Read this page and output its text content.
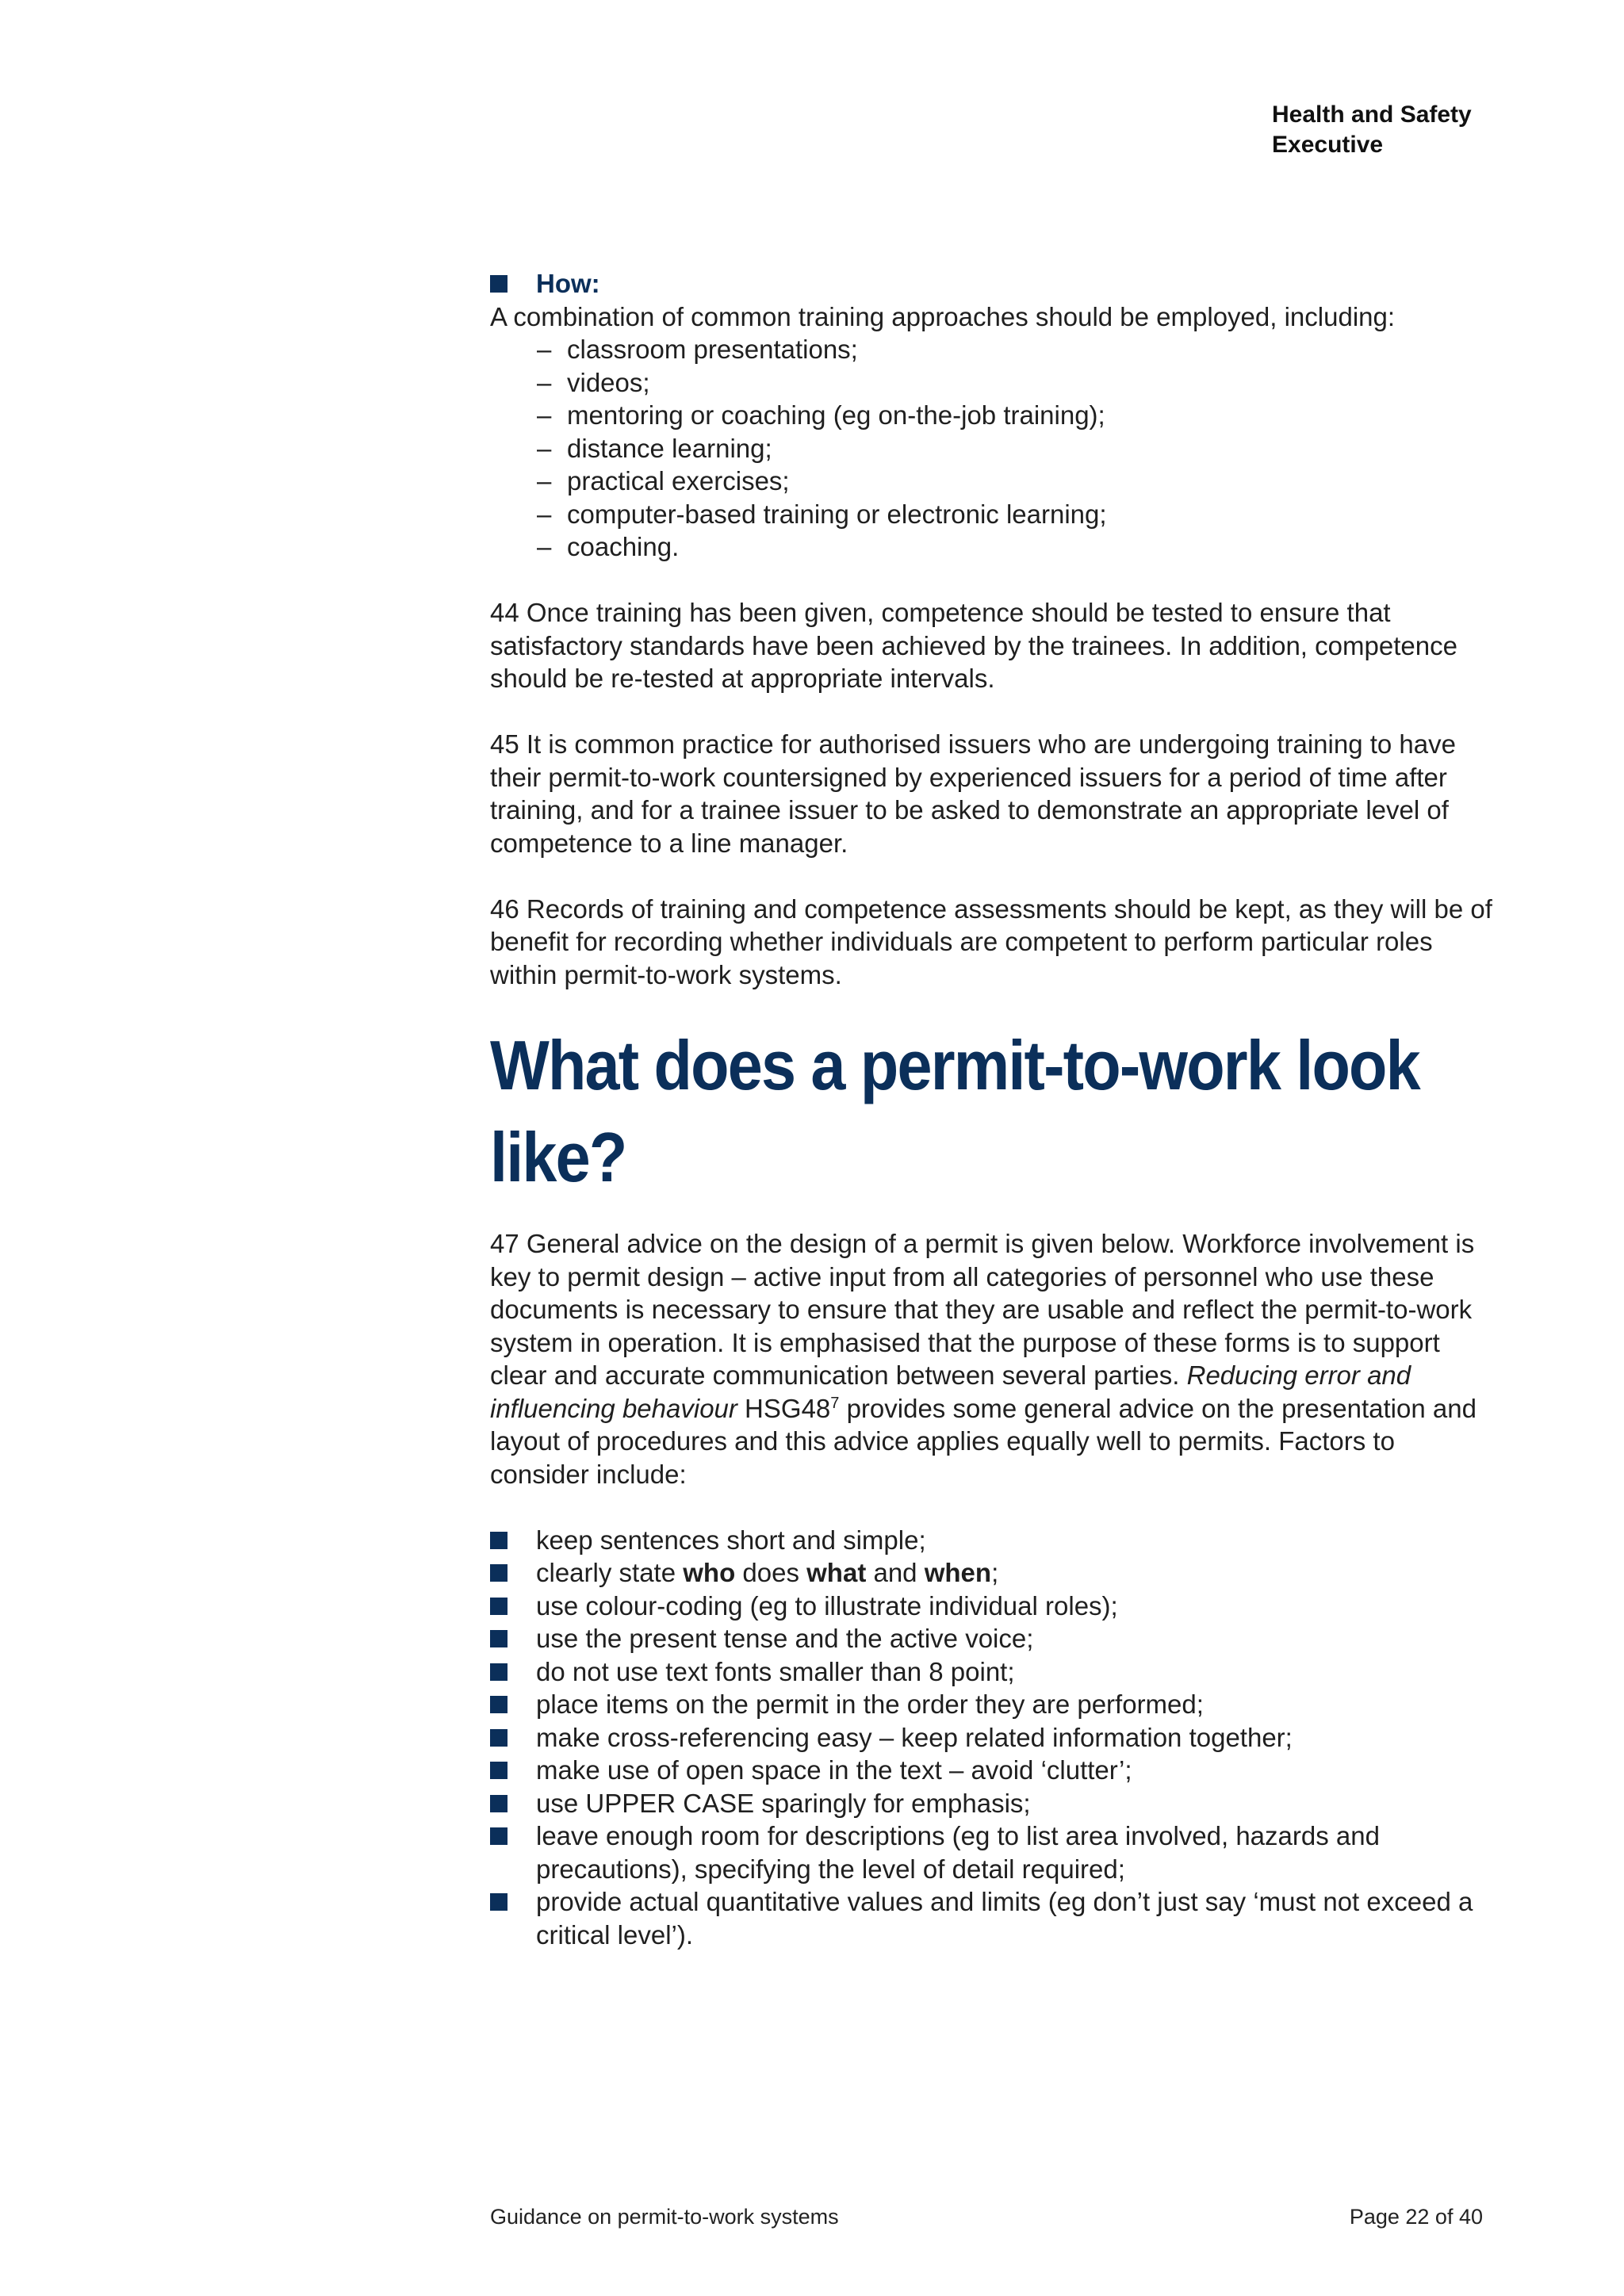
Health and Safety
Executive
How:

A combination of common training approaches should be employed, including:

– classroom presentations;
– videos;
– mentoring or coaching (eg on-the-job training);
– distance learning;
– practical exercises;
– computer-based training or electronic learning;
– coaching.

44 Once training has been given, competence should be tested to ensure that satisfactory standards have been achieved by the trainees. In addition, competence should be re-tested at appropriate intervals.

45 It is common practice for authorised issuers who are undergoing training to have their permit-to-work countersigned by experienced issuers for a period of time after training, and for a trainee issuer to be asked to demonstrate an appropriate level of competence to a line manager.

46 Records of training and competence assessments should be kept, as they will be of benefit for recording whether individuals are competent to perform particular roles within permit-to-work systems.

What does a permit-to-work look like?

47 General advice on the design of a permit is given below. Workforce involvement is key to permit design – active input from all categories of personnel who use these documents is necessary to ensure that they are usable and reflect the permit-to-work system in operation. It is emphasised that the purpose of these forms is to support clear and accurate communication between several parties. Reducing error and influencing behaviour $HSG48^7$ provides some general advice on the presentation and layout of procedures and this advice applies equally well to permits. Factors to consider include:

keep sentences short and simple;
clearly state who does what and when;
use colour-coding (eg to illustrate individual roles);
use the present tense and the active voice;
do not use text fonts smaller than 8 point;
place items on the permit in the order they are performed;
make cross-referencing easy – keep related information together;
make use of open space in the text – avoid ‘clutter’;
use UPPER CASE sparingly for emphasis;
leave enough room for descriptions (eg to list area involved, hazards and precautions), specifying the level of detail required;
provide actual quantitative values and limits (eg don’t just say ‘must not exceed a critical level’).
Guidance on permit-to-work systems	Page 22 of 40
